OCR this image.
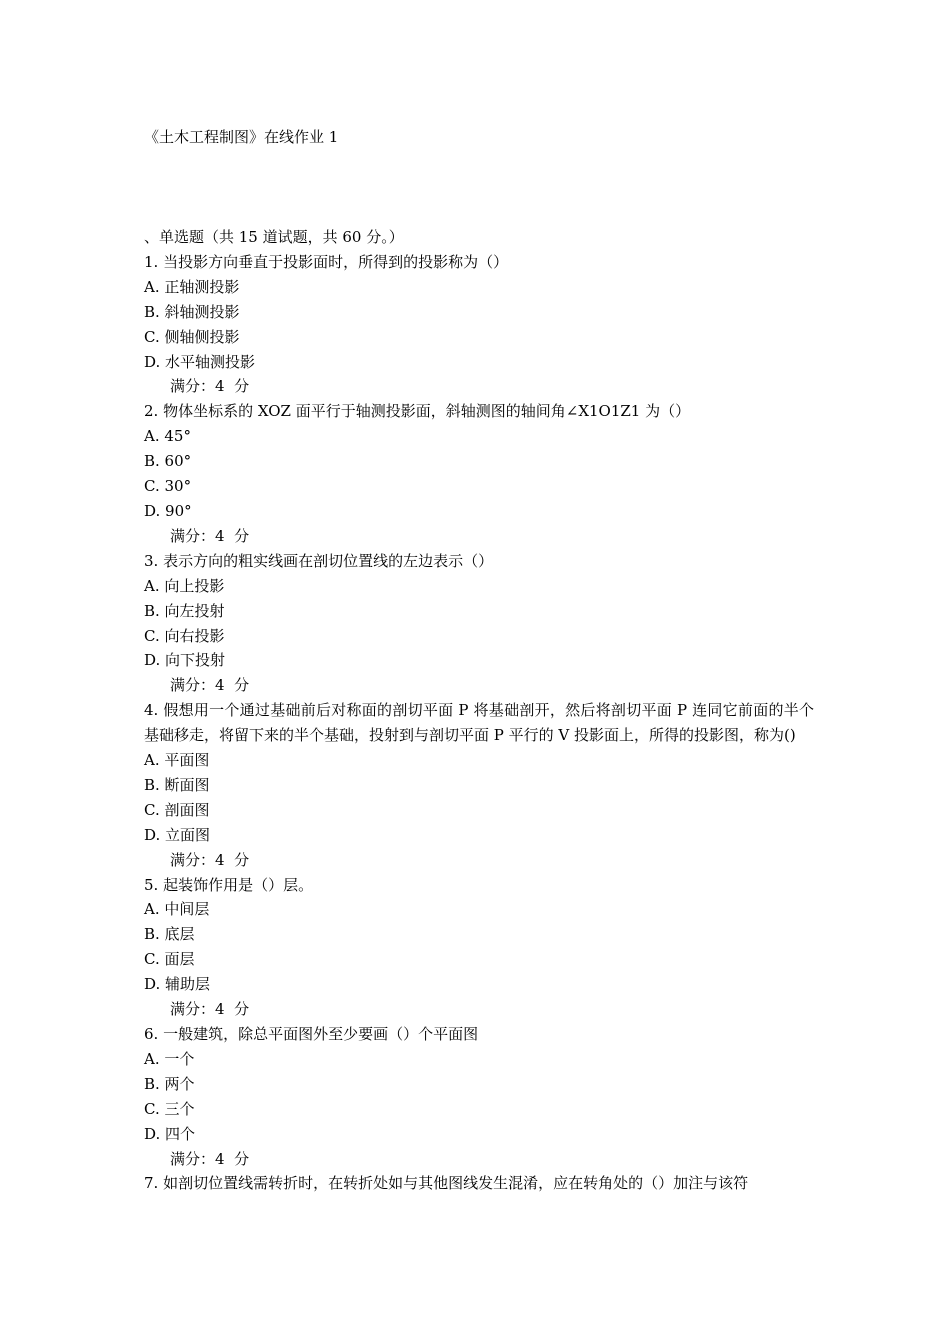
《土木工程制图》在线作业 1
、单选题（共 15 道试题，共 60 分。）
1. 当投影方向垂直于投影面时，所得到的投影称为（）
A. 正轴测投影
B. 斜轴测投影
C. 侧轴侧投影
D. 水平轴测投影
满分：4  分
2. 物体坐标系的 XOZ 面平行于轴测投影面，斜轴测图的轴间角∠X1O1Z1 为（）
A. 45°
B. 60°
C. 30°
D. 90°
满分：4  分
3. 表示方向的粗实线画在剖切位置线的左边表示（）
A. 向上投影
B. 向左投射
C. 向右投影
D. 向下投射
满分：4  分
4. 假想用一个通过基础前后对称面的剖切平面 P 将基础剖开，然后将剖切平面 P 连同它前面的半个基础移走，将留下来的半个基础，投射到与剖切平面 P 平行的 V 投影面上，所得的投影图，称为()
A. 平面图
B. 断面图
C. 剖面图
D. 立面图
满分：4  分
5. 起装饰作用是（）层。
A. 中间层
B. 底层
C. 面层
D. 辅助层
满分：4  分
6. 一般建筑，除总平面图外至少要画（）个平面图
A. 一个
B. 两个
C. 三个
D. 四个
满分：4  分
7. 如剖切位置线需转折时，在转折处如与其他图线发生混淆，应在转角处的（）加注与该符
